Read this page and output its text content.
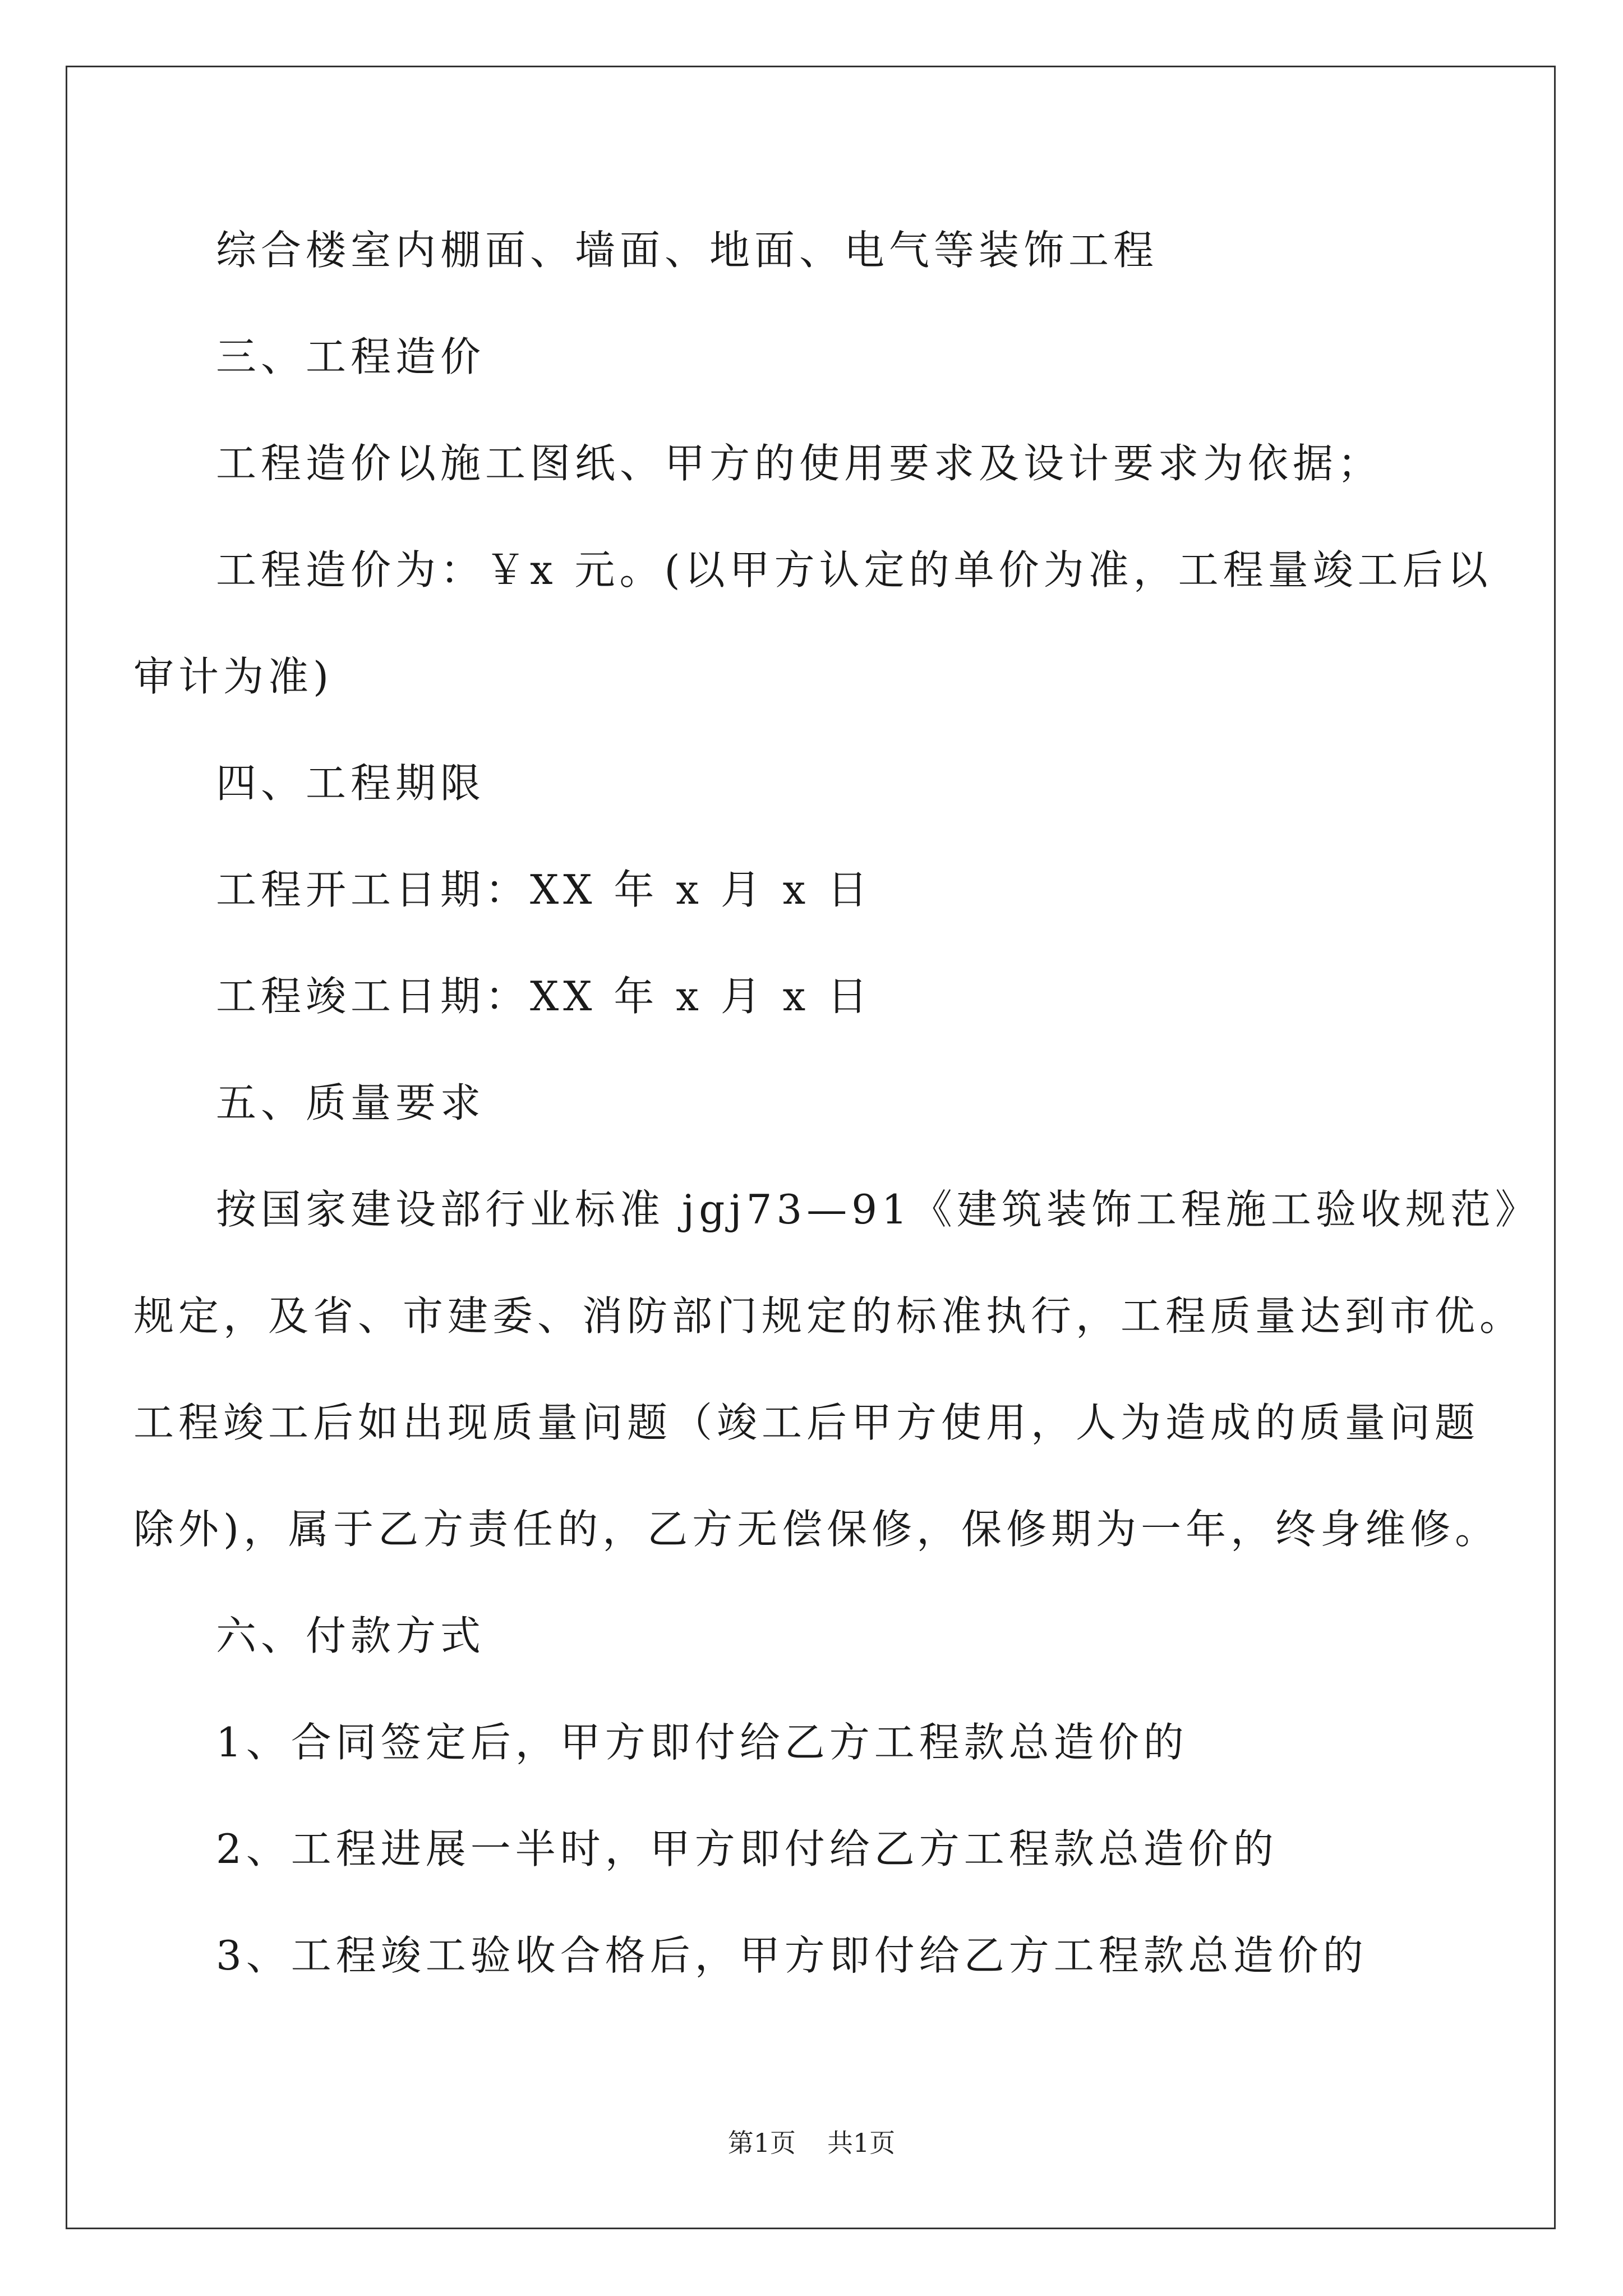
综合楼室内棚面、墙面、地面、电气等装饰工程
三、工程造价
工程造价以施工图纸、甲方的使用要求及设计要求为依据；
工程造价为：￥x 元。(以甲方认定的单价为准，工程量竣工后以
审计为准)
四、工程期限
工程开工日期：XX 年 x 月 x 日
工程竣工日期：XX 年 x 月 x 日
五、质量要求
按国家建设部行业标准 jgj73—91《建筑装饰工程施工验收规范》
规定，及省、市建委、消防部门规定的标准执行，工程质量达到市优。
工程竣工后如出现质量问题（竣工后甲方使用，人为造成的质量问题
除外)，属于乙方责任的，乙方无偿保修，保修期为一年，终身维修。
六、付款方式
1、合同签定后，甲方即付给乙方工程款总造价的
2、工程进展一半时，甲方即付给乙方工程款总造价的
3、工程竣工验收合格后，甲方即付给乙方工程款总造价的
第1页 共1页
